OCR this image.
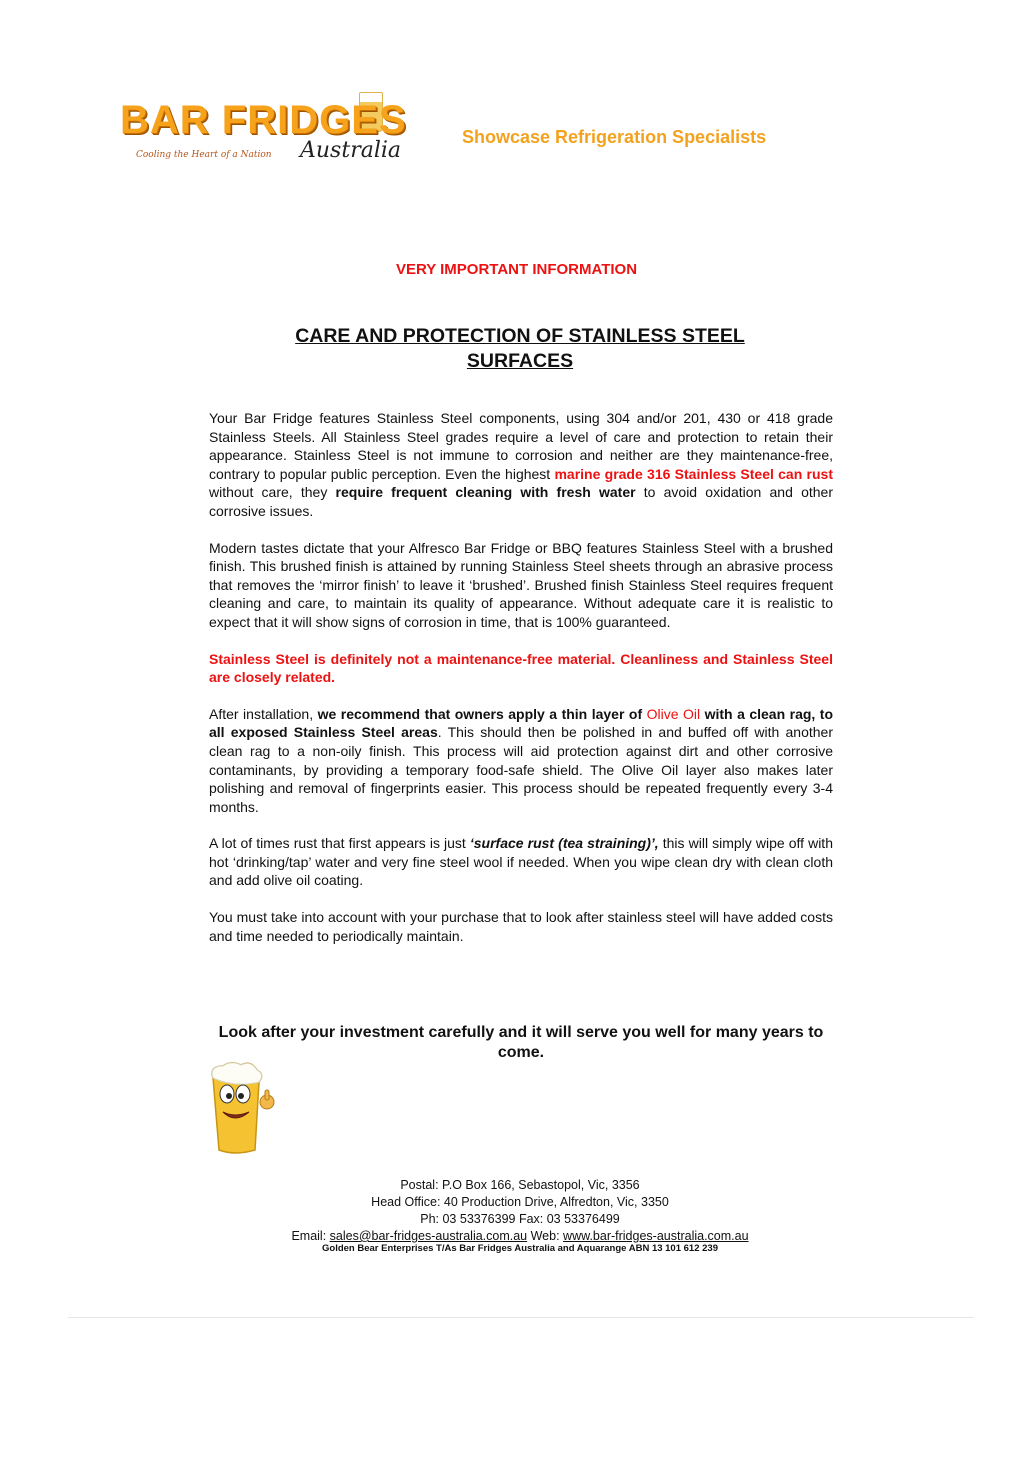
BAR FRIDGES
Australia
Cooling the Heart of a Nation
Showcase Refrigeration Specialists
VERY IMPORTANT INFORMATION
CARE AND PROTECTION OF STAINLESS STEEL
SURFACES

Your Bar Fridge features Stainless Steel components, using 304 and/or 201, 430 or 418 grade Stainless Steels. All Stainless Steel grades require a level of care and protection to retain their appearance. Stainless Steel is not immune to corrosion and neither are they maintenance-free, contrary to popular public perception. Even the highest marine grade 316 Stainless Steel can rust without care, they require frequent cleaning with fresh water to avoid oxidation and other corrosive issues.

Modern tastes dictate that your Alfresco Bar Fridge or BBQ features Stainless Steel with a brushed finish. This brushed finish is attained by running Stainless Steel sheets through an abrasive process that removes the ‘mirror finish’ to leave it ‘brushed’. Brushed finish Stainless Steel requires frequent cleaning and care, to maintain its quality of appearance. Without adequate care it is realistic to expect that it will show signs of corrosion in time, that is 100% guaranteed.

Stainless Steel is definitely not a maintenance-free material. Cleanliness and Stainless Steel are closely related.

After installation, we recommend that owners apply a thin layer of Olive Oil with a clean rag, to all exposed Stainless Steel areas. This should then be polished in and buffed off with another clean rag to a non-oily finish. This process will aid protection against dirt and other corrosive contaminants, by providing a temporary food-safe shield. The Olive Oil layer also makes later polishing and removal of fingerprints easier. This process should be repeated frequently every 3-4 months.

A lot of times rust that first appears is just ‘surface rust (tea straining)’, this will simply wipe off with hot ‘drinking/tap’ water and very fine steel wool if needed. When you wipe clean dry with clean cloth and add olive oil coating.

You must take into account with your purchase that to look after stainless steel will have added costs and time needed to periodically maintain.

Look after your investment carefully and it will serve you well for many years to come.
Postal: P.O Box 166, Sebastopol, Vic, 3356
Head Office: 40 Production Drive, Alfredton, Vic, 3350
Ph: 03 53376399 Fax: 03 53376499
Email: sales@bar-fridges-australia.com.au Web: www.bar-fridges-australia.com.au
Golden Bear Enterprises T/As Bar Fridges Australia and Aquarange ABN 13 101 612 239
